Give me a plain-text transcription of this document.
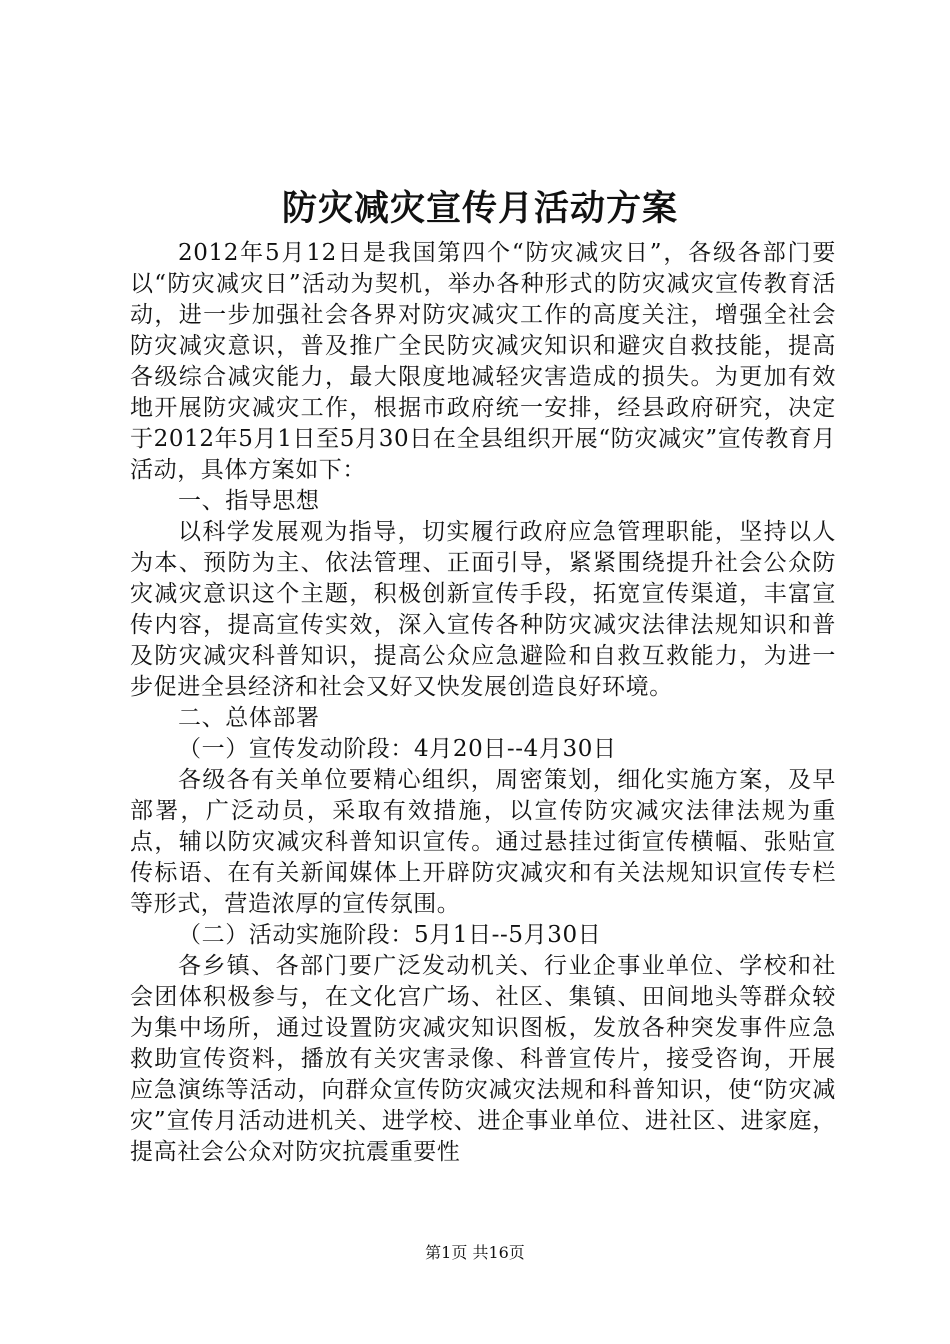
防灾减灾宣传月活动方案

2012年5月12日是我国第四个“防灾减灾日”，各级各部门要以“防灾减灾日”活动为契机，举办各种形式的防灾减灾宣传教育活动，进一步加强社会各界对防灾减灾工作的高度关注，增强全社会防灾减灾意识，普及推广全民防灾减灾知识和避灾自救技能，提高各级综合减灾能力，最大限度地减轻灾害造成的损失。为更加有效地开展防灾减灾工作，根据市政府统一安排，经县政府研究，决定于2012年5月1日至5月30日在全县组织开展“防灾减灾”宣传教育月活动，具体方案如下：

一、指导思想

以科学发展观为指导，切实履行政府应急管理职能，坚持以人为本、预防为主、依法管理、正面引导，紧紧围绕提升社会公众防灾减灾意识这个主题，积极创新宣传手段，拓宽宣传渠道，丰富宣传内容，提高宣传实效，深入宣传各种防灾减灾法律法规知识和普及防灾减灾科普知识，提高公众应急避险和自救互救能力，为进一步促进全县经济和社会又好又快发展创造良好环境。

二、总体部署

（一）宣传发动阶段：4月20日--4月30日

各级各有关单位要精心组织，周密策划，细化实施方案，及早部署，广泛动员，采取有效措施，以宣传防灾减灾法律法规为重点，辅以防灾减灾科普知识宣传。通过悬挂过街宣传横幅、张贴宣传标语、在有关新闻媒体上开辟防灾减灾和有关法规知识宣传专栏等形式，营造浓厚的宣传氛围。

（二）活动实施阶段：5月1日--5月30日

各乡镇、各部门要广泛发动机关、行业企事业单位、学校和社会团体积极参与，在文化宫广场、社区、集镇、田间地头等群众较为集中场所，通过设置防灾减灾知识图板，发放各种突发事件应急救助宣传资料，播放有关灾害录像、科普宣传片，接受咨询，开展应急演练等活动，向群众宣传防灾减灾法规和科普知识，使“防灾减灾”宣传月活动进机关、进学校、进企事业单位、进社区、进家庭，提高社会公众对防灾抗震重要性

第1页 共16页
